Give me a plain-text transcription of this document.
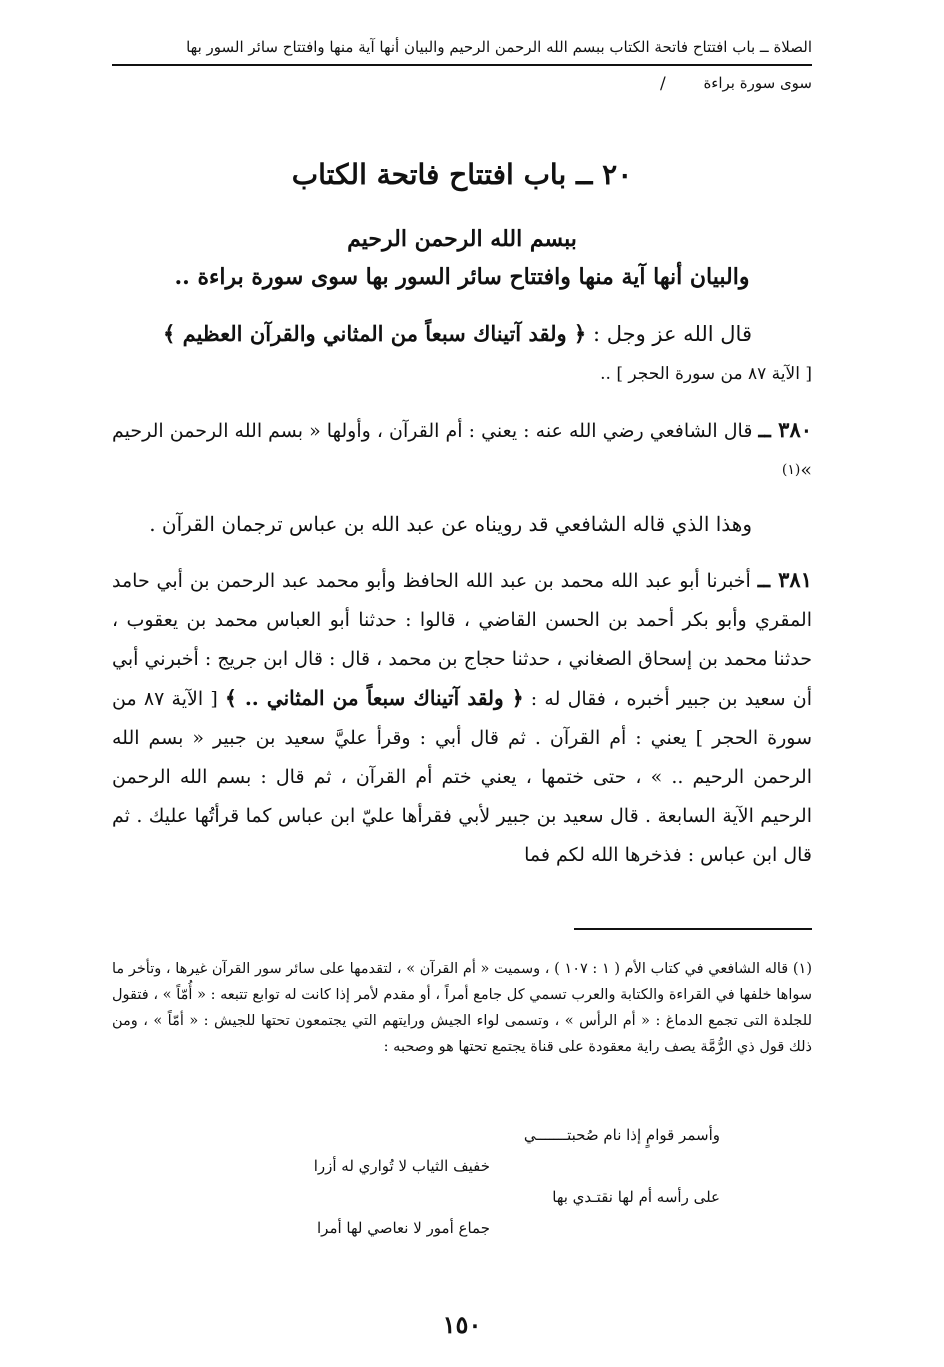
الصلاة ــ باب افتتاح فاتحة الكتاب ببسم الله الرحمن الرحيم والبيان أنها آية منها وافتتاح سائر السور بها
سوى سورة براءة
/
٢٠ ــ باب افتتاح فاتحة الكتاب
ببسم الله الرحمن الرحيم
والبيان أنها آية منها وافتتاح سائر السور بها سوى سورة براءة ..
قال الله عز وجل : ﴿ ولقد آتيناك سبعاً من المثاني والقرآن العظيم ﴾
[ الآية ٨٧ من سورة الحجر ] ..
٣٨٠ ــ قال الشافعي رضي الله عنه : يعني : أم القرآن ، وأولها « بسم الله الرحمن الرحيم »$^{(١)}$
وهذا الذي قاله الشافعي قد رويناه عن عبد الله بن عباس ترجمان القرآن .
٣٨١ ــ أخبرنا أبو عبد الله محمد بن عبد الله الحافظ وأبو محمد عبد الرحمن بن أبي حامد المقري وأبو بكر أحمد بن الحسن القاضي ، قالوا : حدثنا أبو العباس محمد بن يعقوب ، حدثنا محمد بن إسحاق الصغاني ، حدثنا حجاج بن محمد ، قال : قال ابن جريج : أخبرني أبي أن سعيد بن جبير أخبره ، فقال له : ﴿ ولقد آتيناك سبعاً من المثاني .. ﴾ [ الآية ٨٧ من سورة الحجر ] يعني : أم القرآن . ثم قال أبي : وقرأ عليَّ سعيد بن جبير « بسم الله الرحمن الرحيم .. » ، حتى ختمها ، يعني ختم أم القرآن ، ثم قال : بسم الله الرحمن الرحيم الآية السابعة . قال سعيد بن جبير لأبي فقرأها عليّ ابن عباس كما قرأتُها عليك . ثم قال ابن عباس : فذخرها الله لكم فما
(١) قاله الشافعي في كتاب الأم ( ١ : ١٠٧ ) ، وسميت « أم القرآن » ، لتقدمها على سائر سور القرآن غيرها ، وتأخر ما سواها خلفها في القراءة والكتابة والعرب تسمي كل جامع أمراً ، أو مقدم لأمر إذا كانت له توابع تتبعه : « أُمّاً » ، فتقول للجلدة التى تجمع الدماغ : « أم الرأس » ، وتسمى لواء الجيش ورايتهم التي يجتمعون تحتها للجيش : « أمّاً » ، ومن ذلك قول ذي الرُّمَّة يصف راية معقودة على قناة يجتمع تحتها هو وصحبه :
وأسمر قوامٍ إذا نام صُحبتـــــــي
خفيف الثياب لا تُواري له أزرا
على رأسه أم لها نقتـدي بها
جماع أمور لا نعاصي لها أمرا
١٥٠
